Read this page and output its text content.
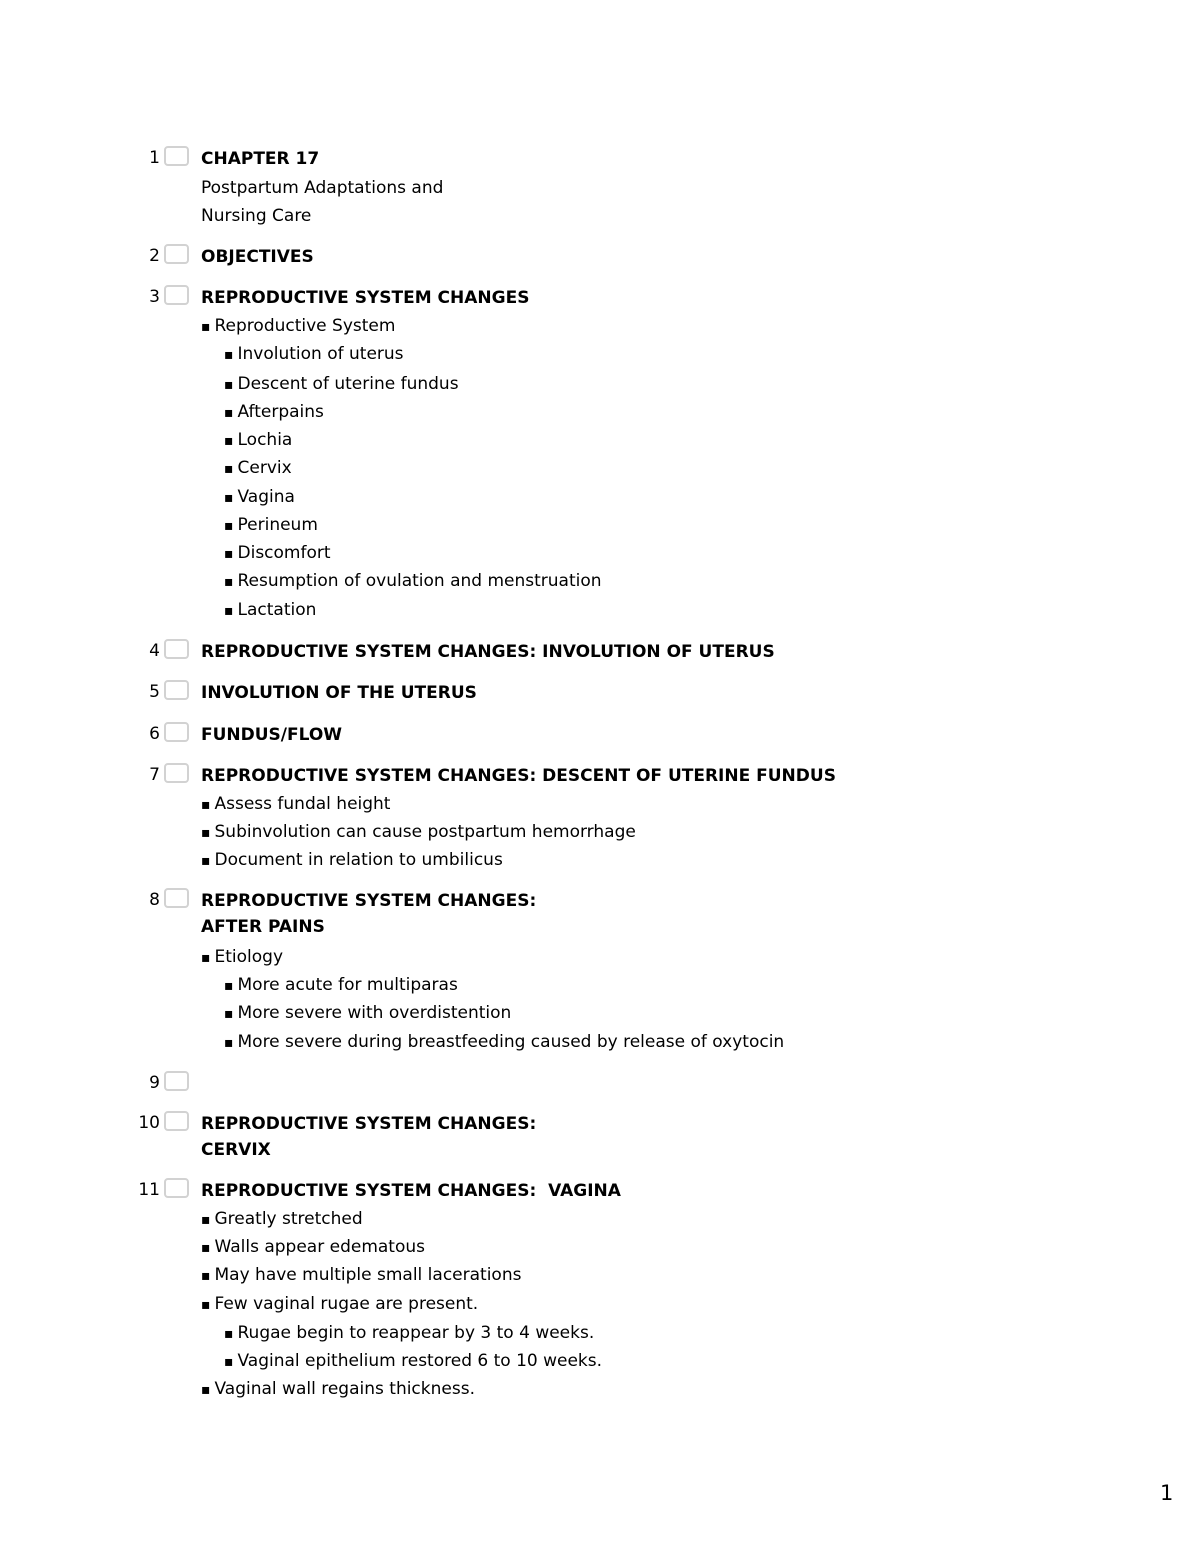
1 CHAPTER 17
Postpartum Adaptations and
Nursing Care
2 OBJECTIVES
3 REPRODUCTIVE SYSTEM CHANGES
▪ Reproductive System
▪ Involution of uterus
▪ Descent of uterine fundus
▪ Afterpains
▪ Lochia
▪ Cervix
▪ Vagina
▪ Perineum
▪ Discomfort
▪ Resumption of ovulation and menstruation
▪ Lactation
4 REPRODUCTIVE SYSTEM CHANGES: INVOLUTION OF UTERUS
5 INVOLUTION OF THE UTERUS
6 FUNDUS/FLOW
7 REPRODUCTIVE SYSTEM CHANGES: DESCENT OF UTERINE FUNDUS
▪ Assess fundal height
▪ Subinvolution can cause postpartum hemorrhage
▪ Document in relation to umbilicus
8 REPRODUCTIVE SYSTEM CHANGES:
AFTER PAINS
▪ Etiology
▪ More acute for multiparas
▪ More severe with overdistention
▪ More severe during breastfeeding caused by release of oxytocin
9
10 REPRODUCTIVE SYSTEM CHANGES:
CERVIX
11 REPRODUCTIVE SYSTEM CHANGES:  VAGINA
▪ Greatly stretched
▪ Walls appear edematous
▪ May have multiple small lacerations
▪ Few vaginal rugae are present.
▪ Rugae begin to reappear by 3 to 4 weeks.
▪ Vaginal epithelium restored 6 to 10 weeks.
▪ Vaginal wall regains thickness.
1
